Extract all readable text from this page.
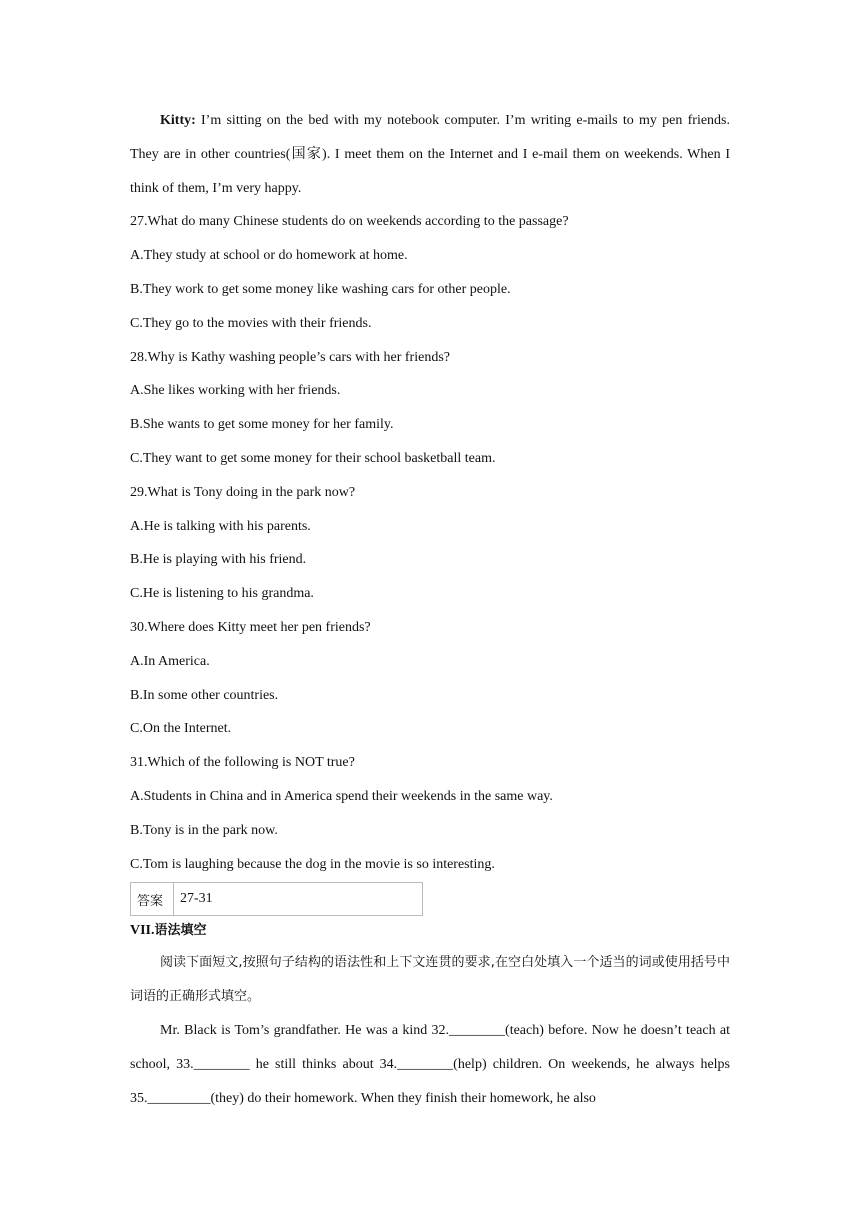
Kitty: I’m sitting on the bed with my notebook computer. I’m writing e-mails to my pen friends. They are in other countries(国家). I meet them on the Internet and I e-mail them on weekends. When I think of them, I’m very happy.

27.What do many Chinese students do on weekends according to the passage?

A.They study at school or do homework at home.

B.They work to get some money like washing cars for other people.

C.They go to the movies with their friends.

28.Why is Kathy washing people’s cars with her friends?

A.She likes working with her friends.

B.She wants to get some money for her family.

C.They want to get some money for their school basketball team.

29.What is Tony doing in the park now?

A.He is talking with his parents.

B.He is playing with his friend.

C.He is listening to his grandma.

30.Where does Kitty meet her pen friends?

A.In America.

B.In some other countries.

C.On the Internet.

31.Which of the following is NOT true?

A.Students in China and in America spend their weekends in the same way.

B.Tony is in the park now.

C.Tom is laughing because the dog in the movie is so interesting.

答案	27-31

VII.语法填空

阅读下面短文,按照句子结构的语法性和上下文连贯的要求,在空白处填入一个适当的词或使用括号中词语的正确形式填空。

Mr. Black is Tom’s grandfather. He was a kind 32.________(teach) before. Now he doesn’t teach at school, 33.________ he still thinks about 34.________(help) children. On weekends, he always helps 35._________(they) do their homework. When they finish their homework, he also
